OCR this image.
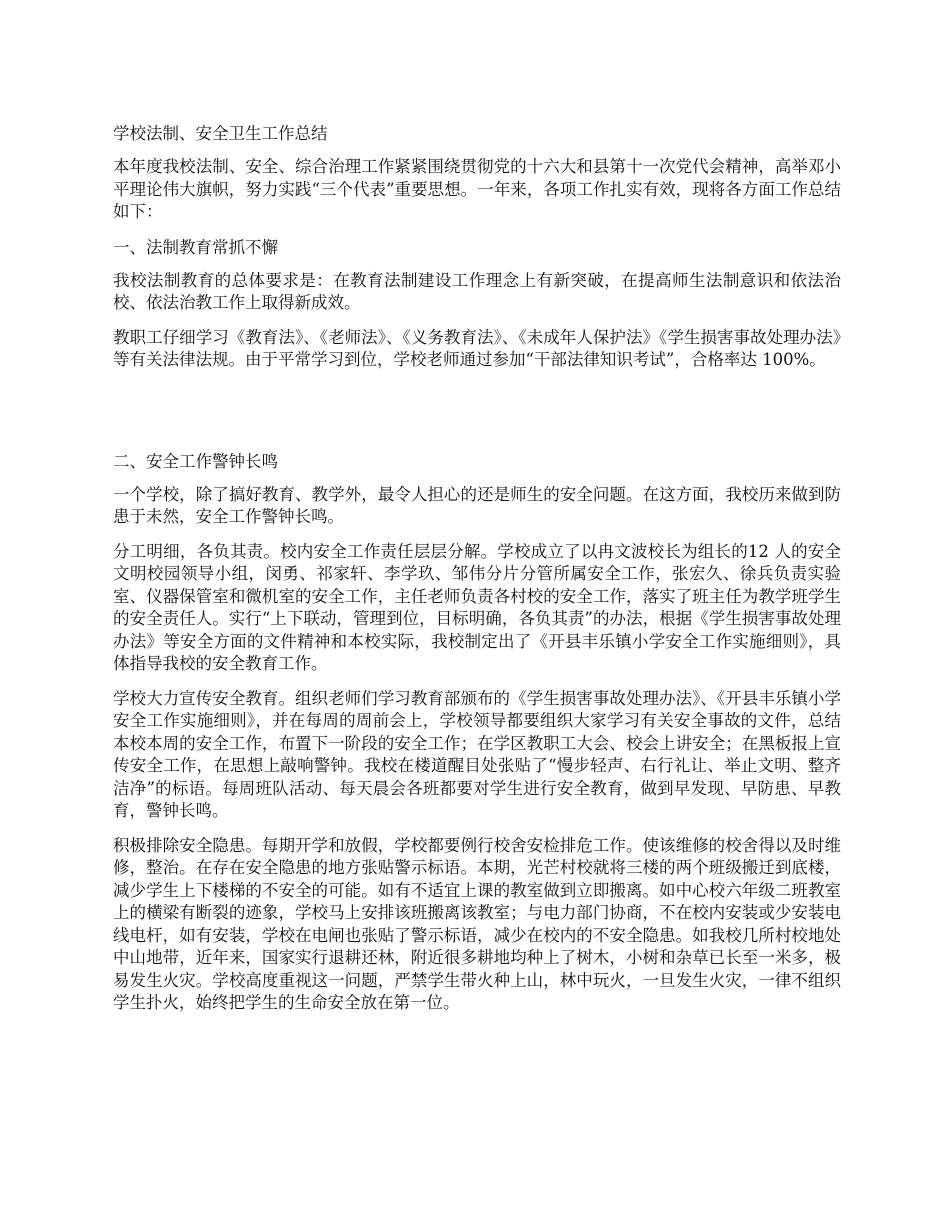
学校法制、安全卫生工作总结

本年度我校法制、安全、综合治理工作紧紧围绕贯彻党的十六大和县第十一次党代会精神，高举邓小平理论伟大旗帜，努力实践“三个代表”重要思想。一年来，各项工作扎实有效，现将各方面工作总结如下：

一、法制教育常抓不懈

我校法制教育的总体要求是：在教育法制建设工作理念上有新突破，在提高师生法制意识和依法治校、依法治教工作上取得新成效。

教职工仔细学习《教育法》、《老师法》、《义务教育法》、《未成年人保护法》《学生损害事故处理办法》等有关法律法规。由于平常学习到位，学校老师通过参加“干部法律知识考试”，合格率达 100%。

二、安全工作警钟长鸣

一个学校，除了搞好教育、教学外，最令人担心的还是师生的安全问题。在这方面，我校历来做到防患于未然，安全工作警钟长鸣。

分工明细，各负其责。校内安全工作责任层层分解。学校成立了以冉文波校长为组长的12 人的安全文明校园领导小组，闵勇、祁家轩、李学玖、邹伟分片分管所属安全工作，张宏久、徐兵负责实验室、仪器保管室和微机室的安全工作，主任老师负责各村校的安全工作，落实了班主任为教学班学生的安全责任人。实行“上下联动，管理到位，目标明确，各负其责”的办法，根据《学生损害事故处理办法》等安全方面的文件精神和本校实际，我校制定出了《开县丰乐镇小学安全工作实施细则》，具体指导我校的安全教育工作。

学校大力宣传安全教育。组织老师们学习教育部颁布的《学生损害事故处理办法》、《开县丰乐镇小学安全工作实施细则》，并在每周的周前会上，学校领导都要组织大家学习有关安全事故的文件，总结本校本周的安全工作，布置下一阶段的安全工作；在学区教职工大会、校会上讲安全；在黑板报上宣传安全工作，在思想上敲响警钟。我校在楼道醒目处张贴了“慢步轻声、右行礼让、举止文明、整齐洁净”的标语。每周班队活动、每天晨会各班都要对学生进行安全教育，做到早发现、早防患、早教育，警钟长鸣。

积极排除安全隐患。每期开学和放假，学校都要例行校舍安检排危工作。使该维修的校舍得以及时维修，整治。在存在安全隐患的地方张贴警示标语。本期，光芒村校就将三楼的两个班级搬迁到底楼，减少学生上下楼梯的不安全的可能。如有不适宜上课的教室做到立即搬离。如中心校六年级二班教室上的横梁有断裂的迹象，学校马上安排该班搬离该教室；与电力部门协商，不在校内安装或少安装电线电杆，如有安装，学校在电闸也张贴了警示标语，减少在校内的不安全隐患。如我校几所村校地处中山地带，近年来，国家实行退耕还林，附近很多耕地均种上了树木，小树和杂草已长至一米多，极易发生火灾。学校高度重视这一问题，严禁学生带火种上山，林中玩火，一旦发生火灾，一律不组织学生扑火，始终把学生的生命安全放在第一位。
